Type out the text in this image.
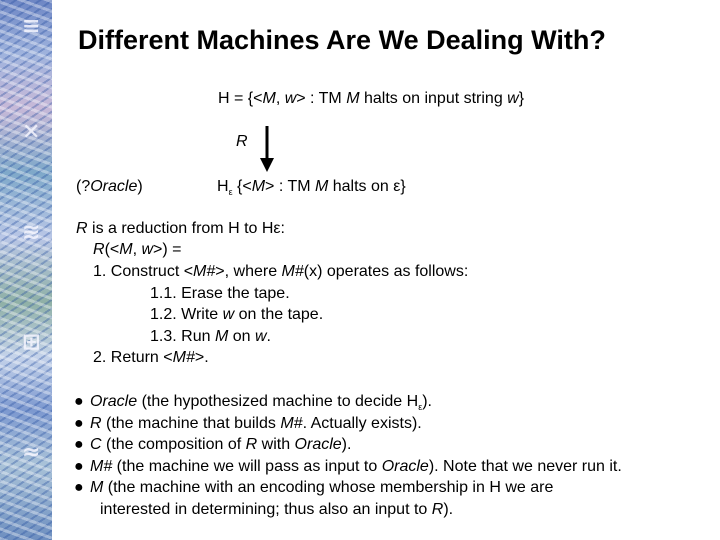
≡
✕
≋
⊞
≈
Different Machines Are We Dealing With?
H = {<M, w> : TM M halts on input string w}
R
(?Oracle)	$H_\varepsilon$ {<M> : TM M halts on ε}
R is a reduction from H to Hε:
R(<M, w>) =
1. Construct <M#>, where M#(x) operates as follows:
1.1. Erase the tape.
1.2. Write w on the tape.
1.3. Run M on w.
2. Return <M#>.
● Oracle (the hypothesized machine to decide $H_\varepsilon$).
● R (the machine that builds M#. Actually exists).
● C (the composition of R with Oracle).
● M# (the machine we will pass as input to Oracle). Note that we never run it.
● M (the machine with an encoding whose membership in H we are
interested in determining; thus also an input to R).
